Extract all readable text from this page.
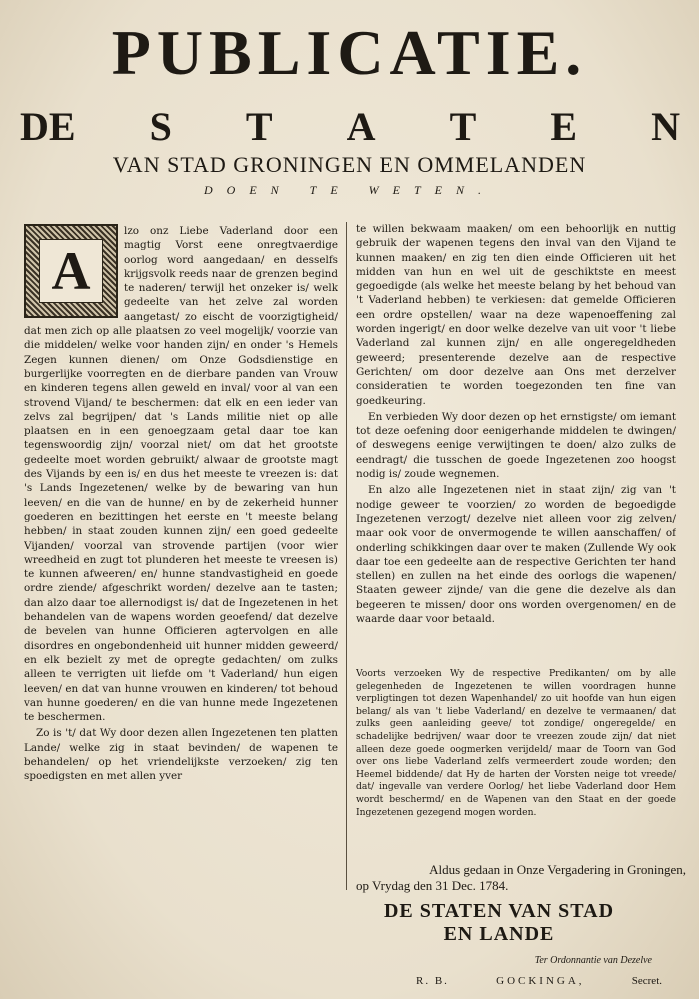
PUBLICATIE.
DE S T A T E N
VAN STAD GRONINGEN EN OMMELANDEN
DOEN TE WETEN.
A

lzo onz Liebe Vaderland door een magtig Vorst eene onregtvaerdige oorlog word aangedaan/ en desselfs krijgsvolk reeds naar de grenzen begind te naderen/ terwijl het onzeker is/ welk gedeelte van het zelve zal worden aangetast/ zo eischt de voorzigtigheid/ dat men zich op alle plaatsen zo veel mogelijk/ voorzie van die middelen/ welke voor handen zijn/ en onder 's Hemels Zegen kunnen dienen/ om Onze Godsdienstige en burgerlijke voorregten en de dierbare panden van Vrouw en kinderen tegens allen geweld en inval/ voor al van een strovend Vijand/ te beschermen: dat elk en een ieder van zelvs zal begrijpen/ dat 's Lands militie niet op alle plaatsen en in een genoegzaam getal daar toe kan tegenswoordig zijn/ voorzal niet/ om dat het grootste gedeelte moet worden gebruikt/ alwaar de grootste magt des Vijands by een is/ en dus het meeste te vreezen is: dat 's Lands Ingezetenen/ welke by de bewaring van hun leeven/ en die van de hunne/ en by de zekerheid hunner goederen en bezittingen het eerste en 't meeste belang hebben/ in staat zouden kunnen zijn/ een goed gedeelte Vijanden/ voorzal van strovende partijen (voor wier wreedheid en zugt tot plunderen het meeste te vreesen is) te kunnen afweeren/ en/ hunne standvastigheid en goede ordre ziende/ afgeschrikt worden/ dezelve aan te tasten; dan alzo daar toe allernodigst is/ dat de Ingezetenen in het behandelen van de wapens worden geoefend/ dat dezelve de bevelen van hunne Officieren agtervolgen en alle disordres en ongebondenheid uit hunner midden geweerd/ en elk bezielt zy met de opregte gedachten/ om zulks alleen te verrigten uit liefde om 't Vaderland/ hun eigen leeven/ en dat van hunne vrouwen en kinderen/ tot behoud van hunne goederen/ en die van hunne mede Ingezetenen te beschermen.

Zo is 't/ dat Wy door dezen allen Ingezetenen ten platten Lande/ welke zig in staat bevinden/ de wapenen te behandelen/ op het vriendelijkste verzoeken/ zig ten spoedigsten en met allen yver

te willen bekwaam maaken/ om een behoorlijk en nuttig gebruik der wapenen tegens den inval van den Vijand te kunnen maaken/ en zig ten dien einde Officieren uit het midden van hun en wel uit de geschiktste en meest gegoedigde (als welke het meeste belang by het behoud van 't Vaderland hebben) te verkiesen: dat gemelde Officieren een ordre opstellen/ waar na deze wapenoeffening zal worden ingerigt/ en door welke dezelve van uit voor 't liebe Vaderland zal kunnen zijn/ en alle ongeregeldheden geweerd; presenterende dezelve aan de respective Gerichten/ om door dezelve aan Ons met derzelver consideratien te worden toegezonden ten fine van goedkeuring.

En verbieden Wy door dezen op het ernstigste/ om iemant tot deze oefening door eenigerhande middelen te dwingen/ of deswegens eenige verwijtingen te doen/ alzo zulks de eendragt/ die tusschen de goede Ingezetenen zoo hoogst nodig is/ zoude wegnemen.

En alzo alle Ingezetenen niet in staat zijn/ zig van 't nodige geweer te voorzien/ zo worden de begoedigde Ingezetenen verzogt/ dezelve niet alleen voor zig zelven/ maar ook voor de onvermogende te willen aanschaffen/ of onderling schikkingen daar over te maken (Zullende Wy ook daar toe een gedeelte aan de respective Gerichten ter hand stellen) en zullen na het einde des oorlogs die wapenen/ Staaten geweer zijnde/ van die gene die dezelve als dan begeeren te missen/ door ons worden overgenomen/ en de waarde daar voor betaald.

Voorts verzoeken Wy de respective Predikanten/ om by alle gelegenheden de Ingezetenen te willen voordragen hunne verpligtingen tot dezen Wapenhandel/ zo uit hoofde van hun eigen belang/ als van 't liebe Vaderland/ en dezelve te vermaanen/ dat zulks geen aanleiding geeve/ tot zondige/ ongeregelde/ en schadelijke bedrijven/ waar door te vreezen zoude zijn/ dat niet alleen deze goede oogmerken verijdeld/ maar de Toorn van God over ons liebe Vaderland zelfs vermeerdert zoude worden; den Heemel biddende/ dat Hy de harten der Vorsten neige tot vreede/ dat/ ingevalle van verdere Oorlog/ het liebe Vaderland door Hem wordt beschermd/ en de Wapenen van den Staat en der goede Ingezetenen gezegend mogen worden.

Aldus gedaan in Onze Vergadering in Groningen,
op Vrydag den 31 Dec. 1784.
DE STATEN VAN STAD
EN LANDE
Ter Ordonnantie van Dezelve
R. B.	GOCKINGA,	Secret.
